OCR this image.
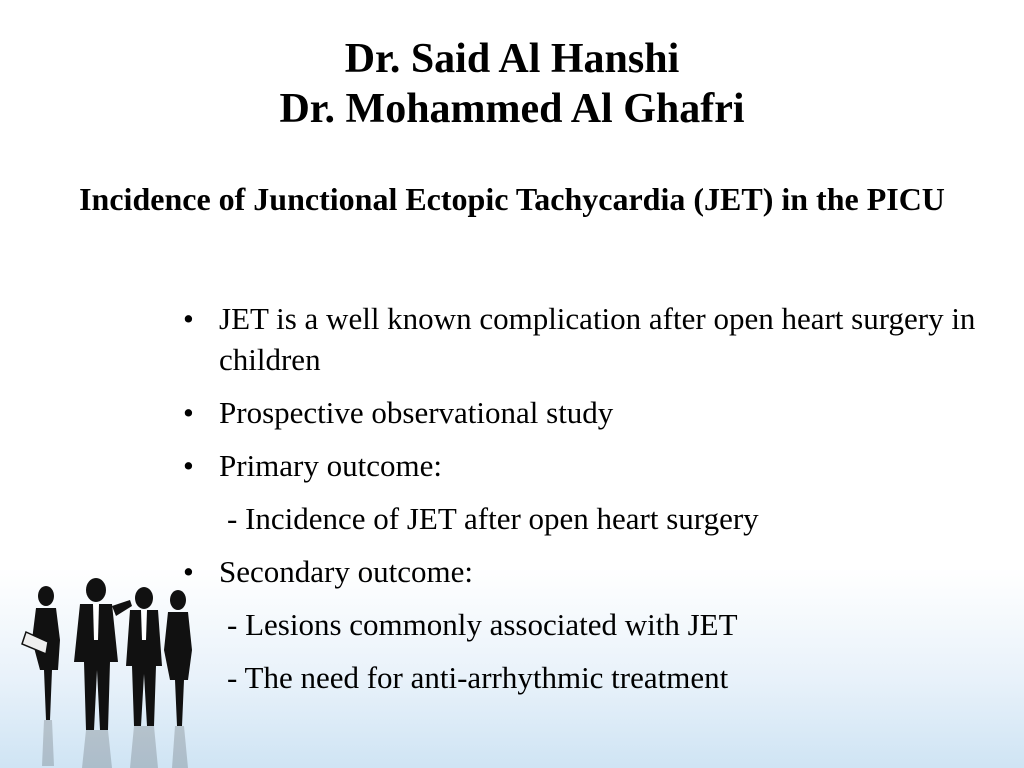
Dr. Said Al Hanshi
Dr. Mohammed Al Ghafri
Incidence of Junctional Ectopic Tachycardia (JET) in the PICU
• JET is a well known complication after open heart surgery in children
• Prospective observational study
• Primary outcome:
- Incidence of JET after open heart surgery
• Secondary outcome:
- Lesions commonly associated with JET
- The need for anti-arrhythmic treatment
